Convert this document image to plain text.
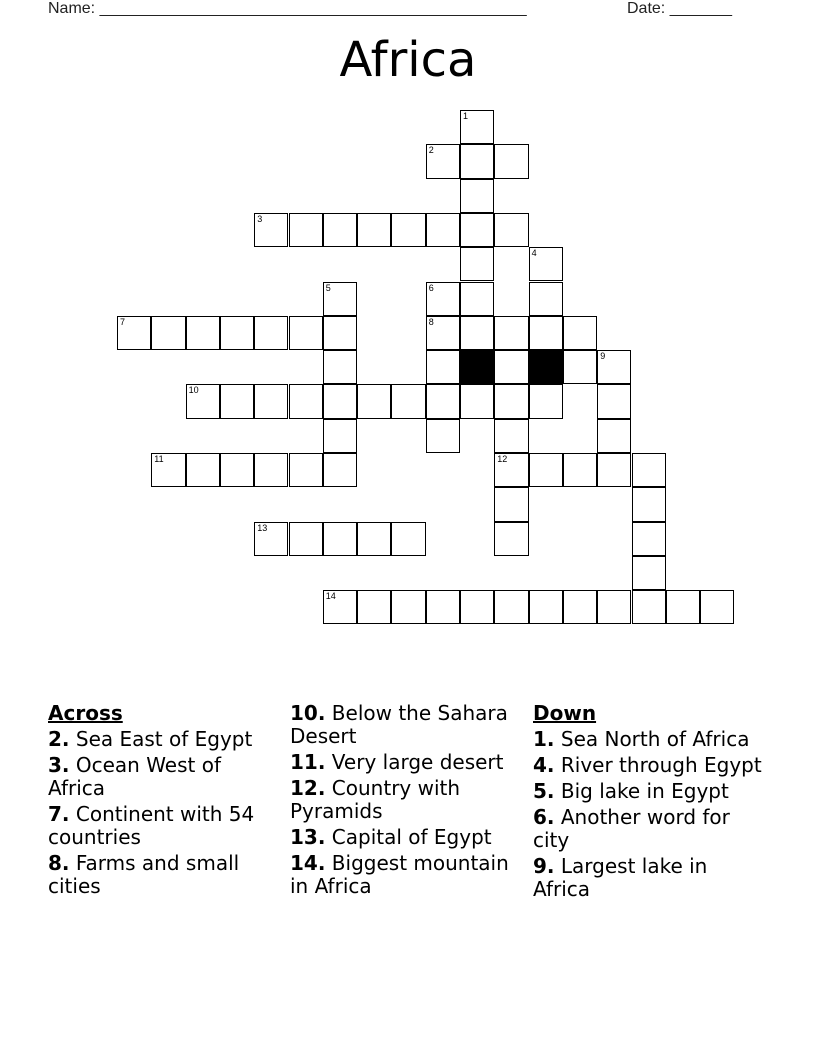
Name: ________________________________________________	Date: _______
Africa
1
2
3
4
5	6
7	8
9
10
11	12
13
14
Across
2. Sea East of Egypt
3. Ocean West of Africa
7. Continent with 54 countries
8. Farms and small cities
10. Below the Sahara Desert
11. Very large desert
12. Country with Pyramids
13. Capital of Egypt
14. Biggest mountain in Africa
Down
1. Sea North of Africa
4. River through Egypt
5. Big lake in Egypt
6. Another word for city
9. Largest lake in Africa
